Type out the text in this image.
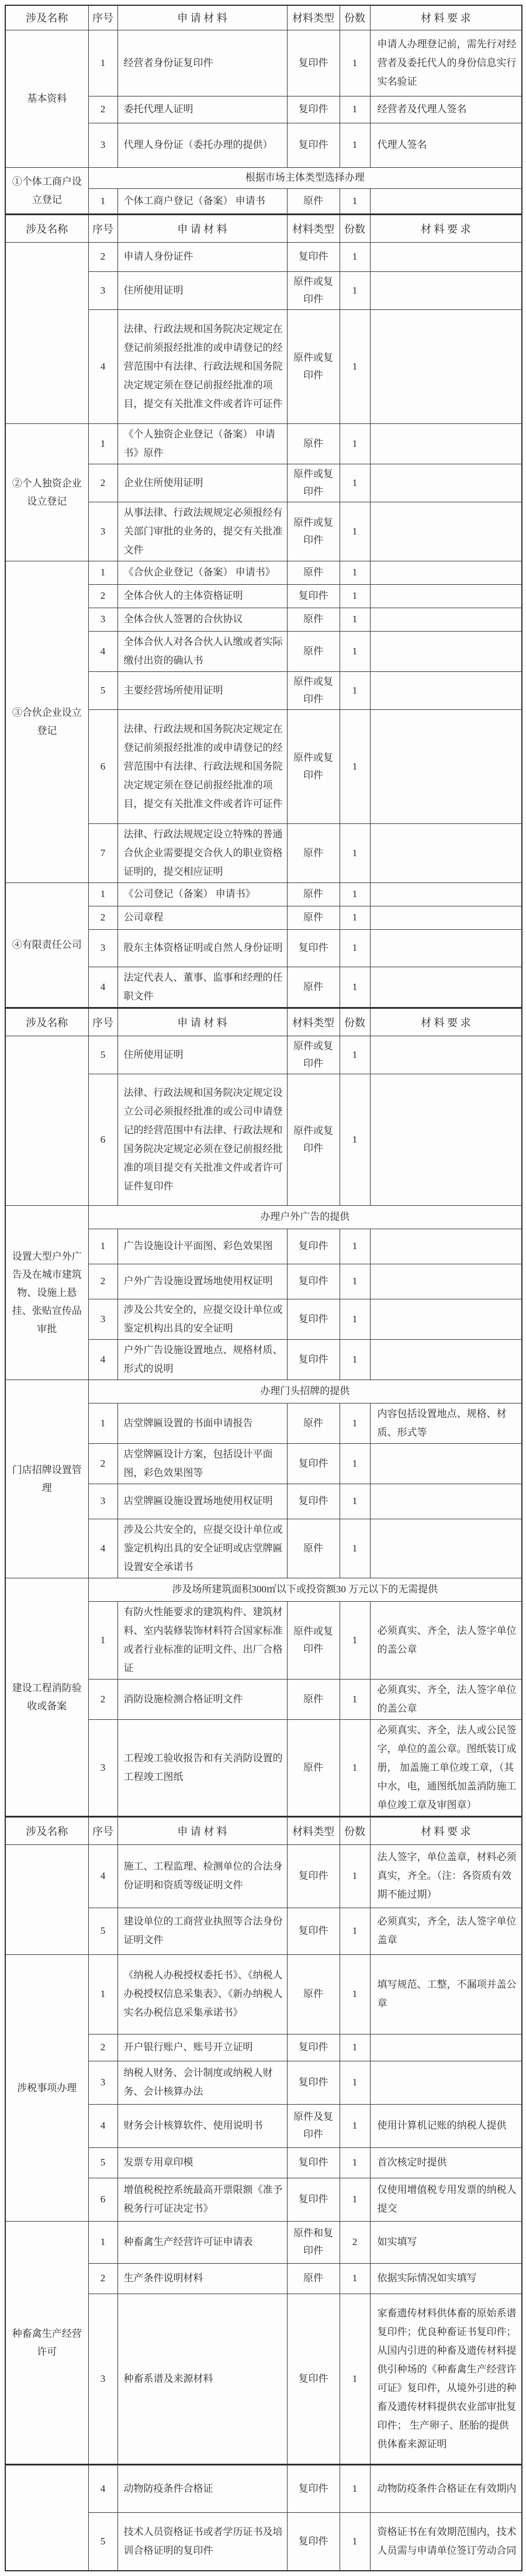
涉及名称	序号	申 请 材 料	材料类型	份数	材 料 要 求
基本资料	1	经营者身份证复印件	复印件	1	申请人办理登记前，需先行对经营者及委托代人的身份信息实行实名验证
	2	委托代理人证明	复印件	1	经营者及代理人签名
	3	代理人身份证（委托办理的提供）	复印件	1	代理人签名
①个体工商户设立登记	根据市场主体类型选择办理				
	1	个体工商户登记（备案） 申请书	原件	1	
涉及名称	序号	申 请 材 料	材料类型	份数	材 料 要 求
	2	申请人身份证件	复印件	1	
	3	住所使用证明	原件或复印件	1	
	4	法律、行政法规和国务院决定规定在登记前须报经批准的或申请登记的经营范围中有法律、行政法规和国务院决定规定须在登记前报经批准的项目，提交有关批准文件或者许可证件	原件或复印件	1	
②个人独资企业设立登记	1	《个人独资企业登记（备案） 申请书》原件	原件	1	
	2	企业住所使用证明	原件或复印件	1	
	3	从事法律、行政法规规定必须报经有关部门审批的业务的，提交有关批准文件	原件或复印件	1	
③合伙企业设立登记	1	《合伙企业登记（备案） 申请书》	原件	1	
	2	全体合伙人的主体资格证明	复印件	1	
	3	全体合伙人签署的合伙协议	原件	1	
	4	全体合伙人对各合伙人认缴或者实际缴付出资的确认书	原件	1	
	5	主要经营场所使用证明	原件或复印件	1	
	6	法律、行政法规和国务院决定规定在登记前须报经批准的或申请登记的经营范围中有法律、行政法规和国务院决定规定须在登记前报经批准的项目，提交有关批准文件或者许可证件	原件或复印件	1	
	7	法律、行政法规规定设立特殊的普通合伙企业需要提交合伙人的职业资格证明的，提交相应证明	原件	1	
④有限责任公司	1	《公司登记（备案） 申请书》	原件	1	
	2	公司章程	原件	1	
	3	股东主体资格证明或自然人身份证明	复印件	1	
	4	法定代表人、董事、监事和经理的任职文件	原件	1	
涉及名称	序号	申 请 材 料	材料类型	份数	材 料 要 求
	5	住所使用证明	原件或复印件	1	
	6	法律、行政法规和国务院决定规定设立公司必须报经批准的或公司申请登记的经营范围中有法律、行政法规和国务院决定规定必须在登记前报经批准的项目提交有关批准文件或者许可证件复印件	原件或复印件	1	
设置大型户外广告及在城市建筑物、设施上悬挂、张贴宣传品审批	办理户外广告的提供				
	1	广告设施设计平面图、彩色效果图	复印件	1	
	2	户外广告设施设置场地使用权证明	复印件	1	
	3	涉及公共安全的，应提交设计单位或鉴定机构出具的安全证明	复印件	1	
	4	户外广告设施设置地点、规格材质、形式的说明	复印件	1	
门店招牌设置管理	办理门头招牌的提供				
	1	店堂牌匾设置的书面申请报告	原件	1	内容包括设置地点、规格、材质、形式等
	2	店堂牌匾设计方案，包括设计平面图，彩色效果图等	复印件	1	
	3	店堂牌匾设施设置场地使用权证明	复印件	1	
	4	涉及公共安全的，应提交设计单位或鉴定机构出具的安全证明或店堂牌匾设置安全承诺书	原件	1	
建设工程消防验收或备案	涉及场所建筑面积300㎡以下或投资额30 万元以下的无需提供				
	1	有防火性能要求的建筑构件、建筑材料、室内装修装饰材料符合国家标准或者行业标准的证明文件、出厂合格证	原件或复印件	1	必须真实、齐全，法人签字单位的盖公章
	2	消防设施检测合格证明文件	原件	1	必须真实、齐全，法人签字单位的盖公章
	3	工程竣工验收报告和有关消防设置的工程竣工图纸	原件	1	必须真实、齐全，法人或公民签字，单位的盖公章。图纸装订成册， 加盖施工单位竣工章，（其中水，电，通图纸加盖消防施工单位竣工章及审图章）
涉及名称	序号	申 请 材 料	材料类型	份数	材 料 要 求
	4	施工、工程监理、检测单位的合法身份证明和资质等级证明文件	复印件	1	法人签字，单位盖章，材料必须真实，齐全。（注：各资质有效期不能过期）
	5	建设单位的工商营业执照等合法身份证明文件	复印件	1	必须真实，齐全，法人签字单位盖章
涉税事项办理	1	《纳税人办税授权委托书》、《纳税人办税授权信息采集表》、《新办纳税人实名办税信息采集承诺书》	原件	1	填写规范、工整，不漏项并盖公章
	2	开户银行账户、账号开立证明	复印件	1	
	3	纳税人财务、会计制度或纳税人财务、会计核算办法	复印件	1	
	4	财务会计核算软件、使用说明书	原件及复印件	1	使用计算机记账的纳税人提供
	5	发票专用章印模	复印件	1	首次核定时提供
	6	增值税税控系统最高开票限额《准予税务行可证决定书》	复印件	1	仅使用增值税专用发票的纳税人提交
种畜禽生产经营许可	1	种畜禽生产经营许可证申请表	原件和复印件	2	如实填写
	2	生产条件说明材料	原件	1	依据实际情况如实填写
	3	种畜系谱及来源材料	复印件	1	家畜遗传材料供体畜的原始系谱复印件；优良种畜证书复印件；从国内引进的种畜及遗传材料提供引种场的《种畜禽生产经营许可证》复印件，从境外引进的种畜及遗传材料提供农业部审批复印件； 生产卵子、胚胎的提供供体畜来源证明
	4	动物防疫条件合格证	复印件	1	动物防疫条件合格证在有效期内
	5	技术人员资格证书或者学历证书及培训合格证明的复印件	复印件	1	资格证书在有效期范围内，技术人员需与申请单位签订劳动合同
